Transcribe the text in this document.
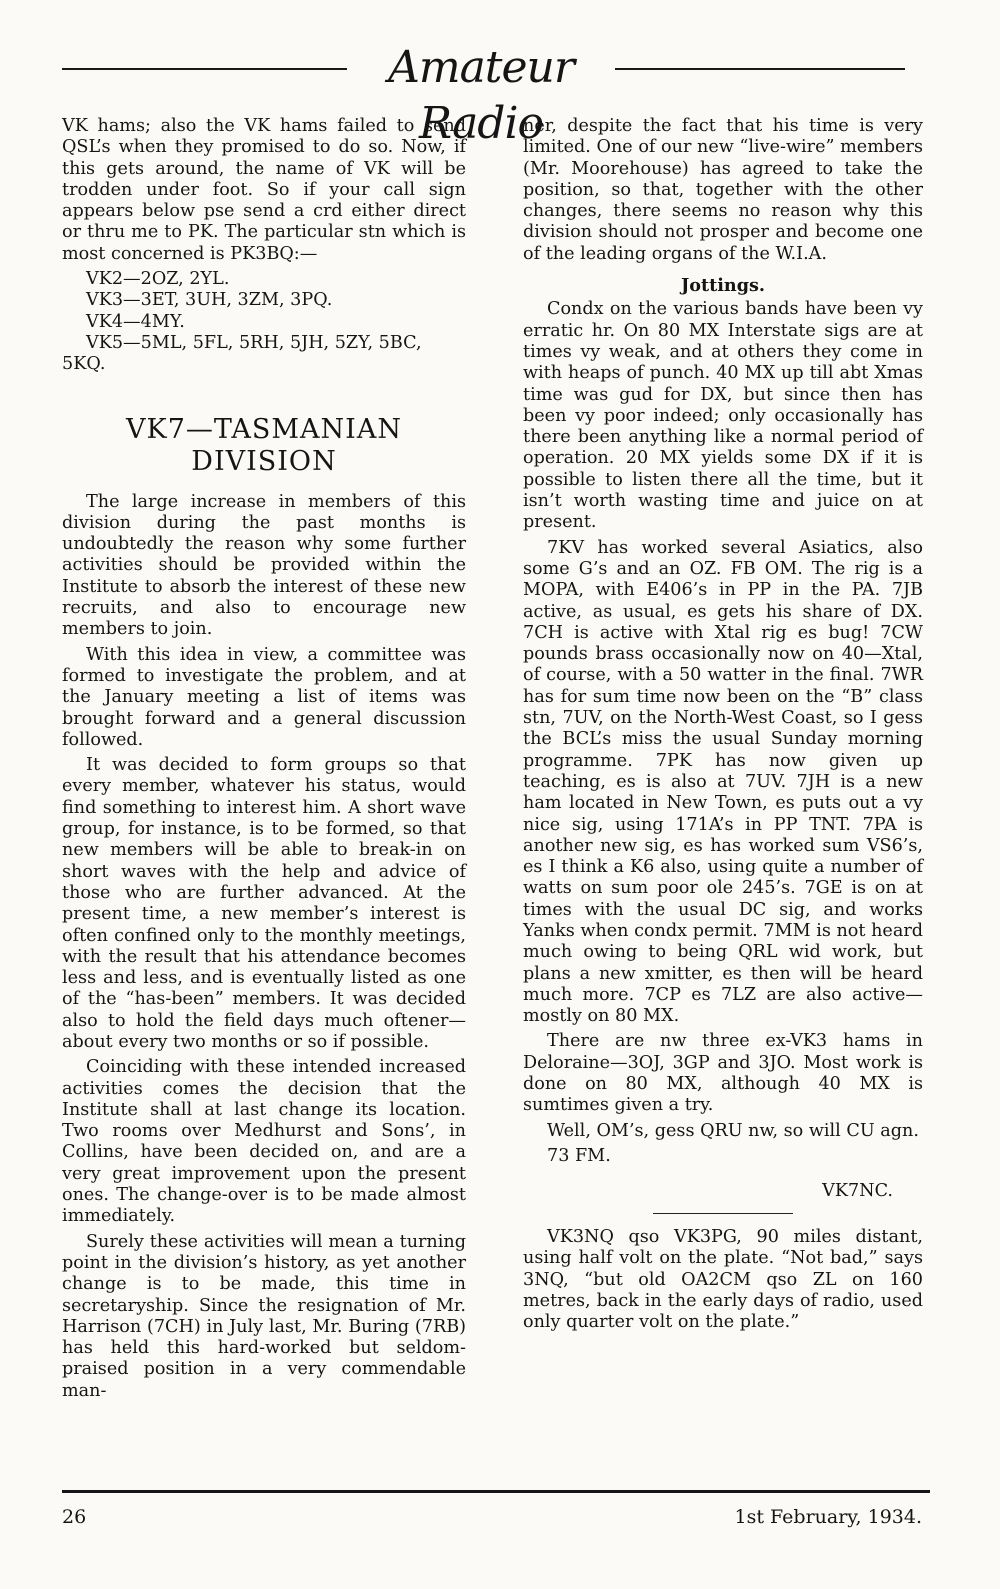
Amateur Radio

VK hams; also the VK hams failed to send QSL’s when they promised to do so. Now, if this gets around, the name of VK will be trodden under foot. So if your call sign appears below pse send a crd either direct or thru me to PK. The particular stn which is most concerned is PK3BQ:—

VK2—2OZ, 2YL.
VK3—3ET, 3UH, 3ZM, 3PQ.
VK4—4MY.
VK5—5ML, 5FL, 5RH, 5JH, 5ZY, 5BC, 5KQ.
VK7—TASMANIAN
DIVISION

The large increase in members of this division during the past months is undoubtedly the reason why some further activities should be provided within the Institute to absorb the interest of these new recruits, and also to encourage new members to join.

With this idea in view, a committee was formed to investigate the problem, and at the January meeting a list of items was brought forward and a general discussion followed.

It was decided to form groups so that every member, whatever his status, would find something to interest him. A short wave group, for instance, is to be formed, so that new members will be able to break-in on short waves with the help and advice of those who are further advanced. At the present time, a new member’s interest is often confined only to the monthly meetings, with the result that his attendance becomes less and less, and is eventually listed as one of the “has-been” members. It was decided also to hold the field days much oftener—about every two months or so if possible.

Coinciding with these intended increased activities comes the decision that the Institute shall at last change its location. Two rooms over Medhurst and Sons’, in Collins, have been decided on, and are a very great improvement upon the present ones. The change-over is to be made almost immediately.

Surely these activities will mean a turning point in the division’s history, as yet another change is to be made, this time in secretaryship. Since the resignation of Mr. Harrison (7CH) in July last, Mr. Buring (7RB) has held this hard-worked but seldom-praised position in a very commendable man-

ner, despite the fact that his time is very limited. One of our new “live-wire” members (Mr. Moorehouse) has agreed to take the position, so that, together with the other changes, there seems no reason why this division should not prosper and become one of the leading organs of the W.I.A.

Jottings.

Condx on the various bands have been vy erratic hr. On 80 MX Interstate sigs are at times vy weak, and at others they come in with heaps of punch. 40 MX up till abt Xmas time was gud for DX, but since then has been vy poor indeed; only occasionally has there been anything like a normal period of operation. 20 MX yields some DX if it is possible to listen there all the time, but it isn’t worth wasting time and juice on at present.

7KV has worked several Asiatics, also some G’s and an OZ. FB OM. The rig is a MOPA, with E406’s in PP in the PA. 7JB active, as usual, es gets his share of DX. 7CH is active with Xtal rig es bug! 7CW pounds brass occasionally now on 40—Xtal, of course, with a 50 watter in the final. 7WR has for sum time now been on the “B” class stn, 7UV, on the North-West Coast, so I gess the BCL’s miss the usual Sunday morning programme. 7PK has now given up teaching, es is also at 7UV. 7JH is a new ham located in New Town, es puts out a vy nice sig, using 171A’s in PP TNT. 7PA is another new sig, es has worked sum VS6’s, es I think a K6 also, using quite a number of watts on sum poor ole 245’s. 7GE is on at times with the usual DC sig, and works Yanks when condx permit. 7MM is not heard much owing to being QRL wid work, but plans a new xmitter, es then will be heard much more. 7CP es 7LZ are also active—mostly on 80 MX.

There are nw three ex-VK3 hams in Deloraine—3OJ, 3GP and 3JO. Most work is done on 80 MX, although 40 MX is sumtimes given a try.

Well, OM’s, gess QRU nw, so will CU agn.

73 FM.

VK7NC.

VK3NQ qso VK3PG, 90 miles distant, using half volt on the plate. “Not bad,” says 3NQ, “but old OA2CM qso ZL on 160 metres, back in the early days of radio, used only quarter volt on the plate.”

26	1st February, 1934.
